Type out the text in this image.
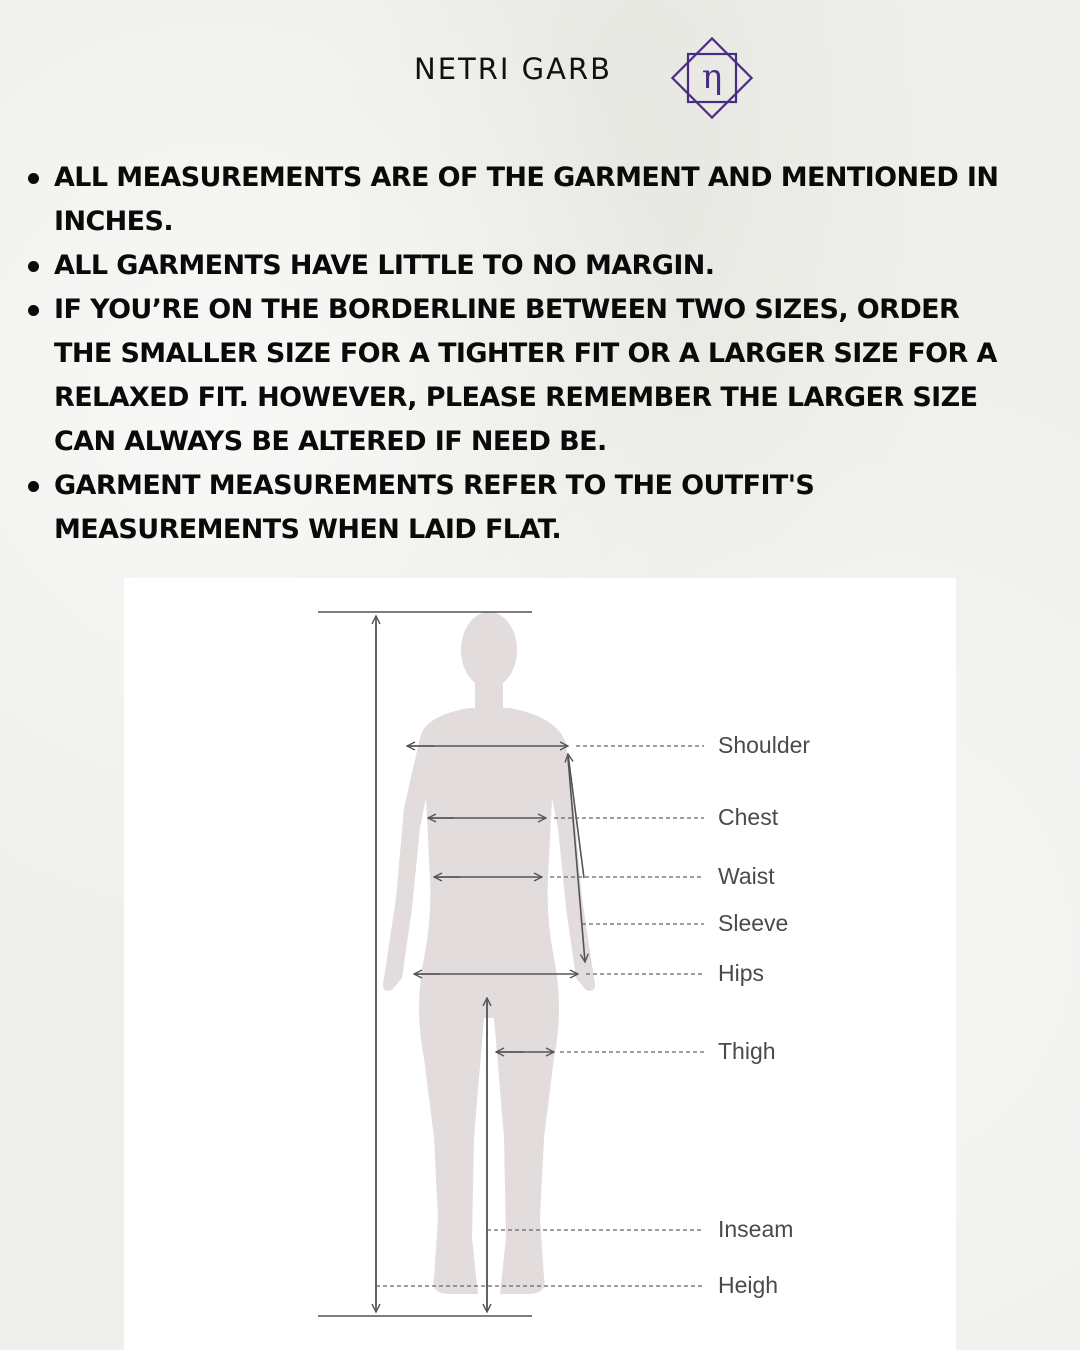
NETRI GARB	η
ALL MEASUREMENTS ARE OF THE GARMENT AND MENTIONED IN INCHES.
ALL GARMENTS HAVE LITTLE TO NO MARGIN.
IF YOU’RE ON THE BORDERLINE BETWEEN TWO SIZES, ORDER THE SMALLER SIZE FOR A TIGHTER FIT OR A LARGER SIZE FOR A RELAXED FIT. HOWEVER, PLEASE REMEMBER THE LARGER SIZE CAN ALWAYS BE ALTERED IF NEED BE.
GARMENT MEASUREMENTS REFER TO THE OUTFIT'S MEASUREMENTS WHEN LAID FLAT.
Shoulder
Chest
Waist
Sleeve
Hips
Thigh
Inseam
Heigh
